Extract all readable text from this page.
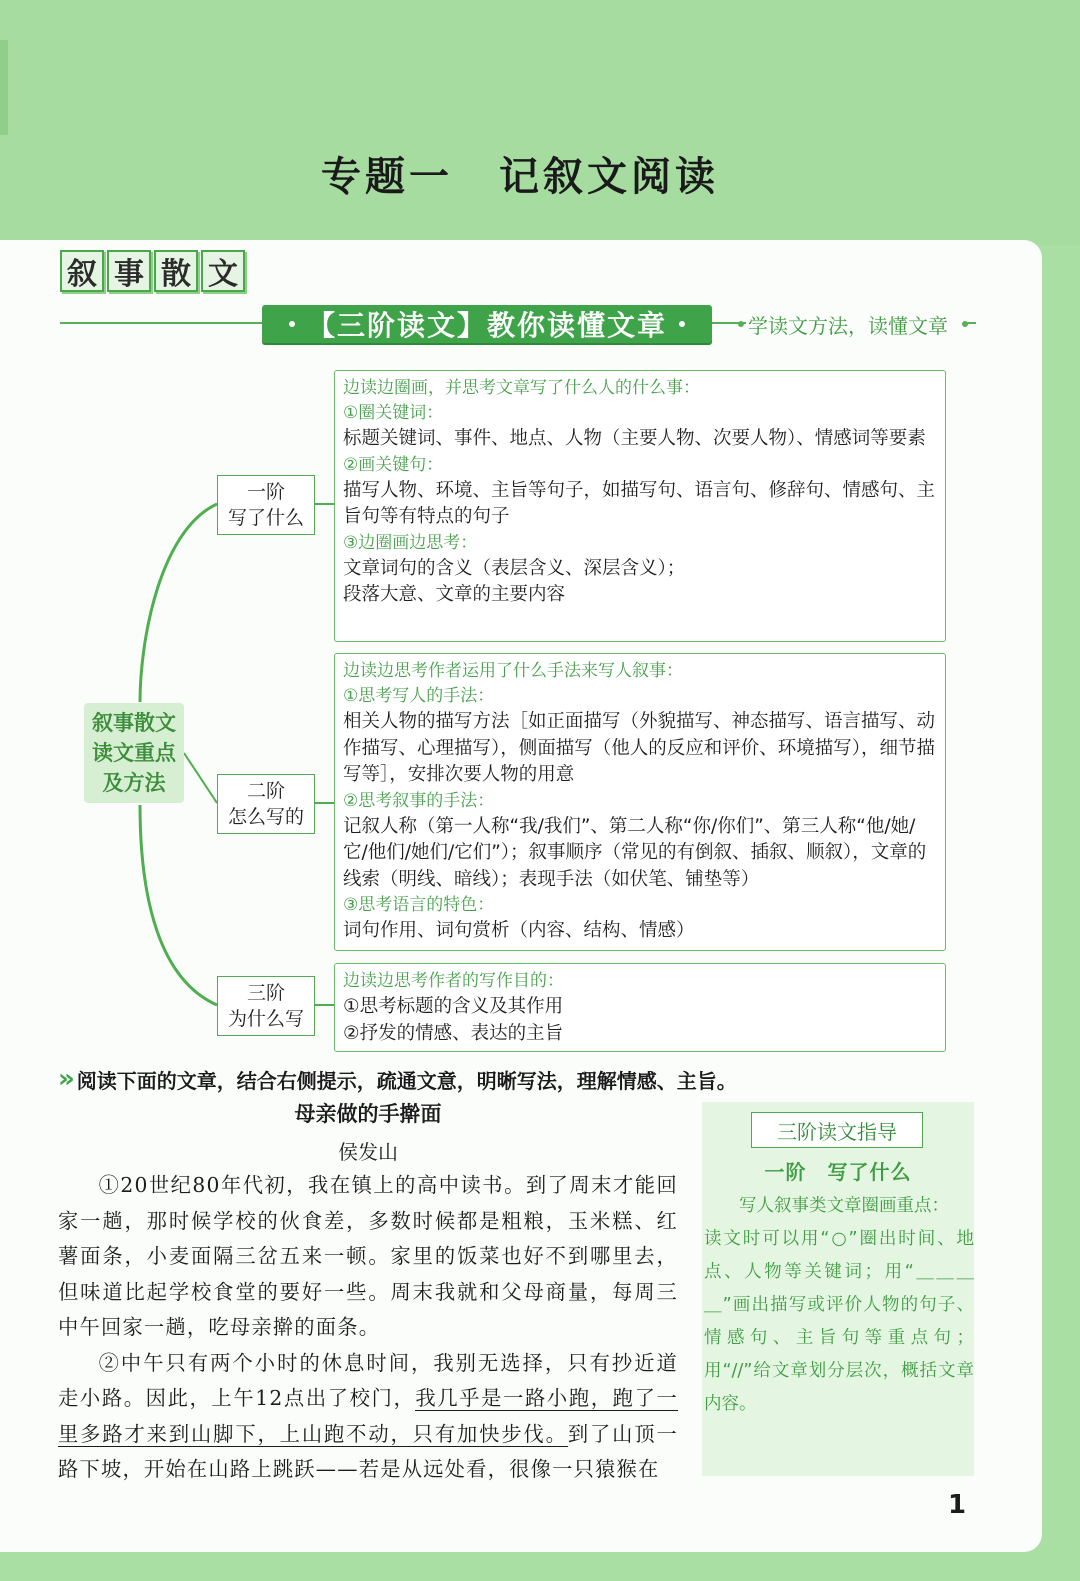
专题一 记叙文阅读
叙 事 散 文
【三阶读文】教你读懂文章	学读文方法，读懂文章
叙事散文
读文重点
及方法
一阶
写了什么
二阶
怎么写的
三阶
为什么写
边读边圈画，并思考文章写了什么人的什么事：
①圈关键词：
标题关键词、事件、地点、人物（主要人物、次要人物）、情感词等要素
②画关键句：
描写人物、环境、主旨等句子，如描写句、语言句、修辞句、情感句、主旨句等有特点的句子
③边圈画边思考：
文章词句的含义（表层含义、深层含义）；
段落大意、文章的主要内容
边读边思考作者运用了什么手法来写人叙事：
①思考写人的手法：
相关人物的描写方法［如正面描写（外貌描写、神态描写、语言描写、动作描写、心理描写），侧面描写（他人的反应和评价、环境描写），细节描写等］，安排次要人物的用意
②思考叙事的手法：
记叙人称（第一人称“我/我们”、第二人称“你/你们”、第三人称“他/她/它/他们/她们/它们”）；叙事顺序（常见的有倒叙、插叙、顺叙），文章的线索（明线、暗线）；表现手法（如伏笔、铺垫等）
③思考语言的特色：
词句作用、词句赏析（内容、结构、情感）
边读边思考作者的写作目的：
①思考标题的含义及其作用
②抒发的情感、表达的主旨
» 阅读下面的文章，结合右侧提示，疏通文意，明晰写法，理解情感、主旨。
母亲做的手擀面
侯发山

①20世纪80年代初，我在镇上的高中读书。到了周末才能回家一趟，那时候学校的伙食差，多数时候都是粗粮，玉米糕、红薯面条，小麦面隔三岔五来一顿。家里的饭菜也好不到哪里去，但味道比起学校食堂的要好一些。周末我就和父母商量，每周三中午回家一趟，吃母亲擀的面条。

②中午只有两个小时的休息时间，我别无选择，只有抄近道走小路。因此，上午12点出了校门，我几乎是一路小跑，跑了一里多路才来到山脚下，上山跑不动，只有加快步伐。到了山顶一路下坡，开始在山路上跳跃——若是从远处看，很像一只猿猴在

三阶读文指导
一阶　写了什么
写人叙事类文章圈画重点：
读文时可以用“○”圈出时间、地点、人物等关键词；用“＿＿＿＿”画出描写或评价人物的句子、情感句、主旨句等重点句；用“//”给文章划分层次，概括文章内容。
1
